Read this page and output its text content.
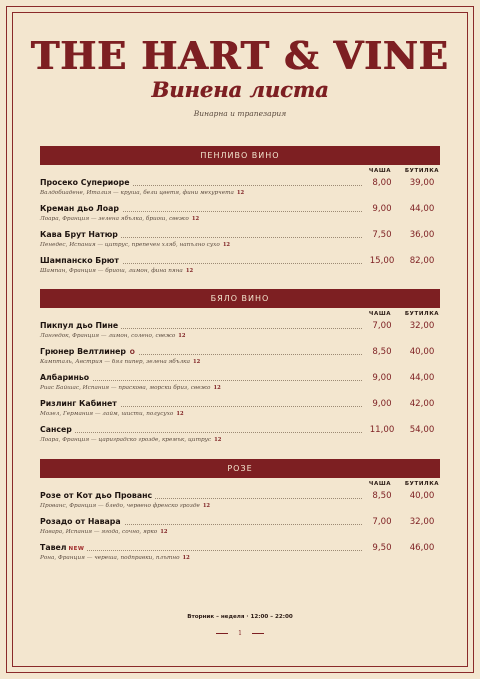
THE HART & VINE
Винена листа
Винарна и трапезария
ПЕНЛИВО ВИНО
ЧАША	БУТИЛКА
Просеко Супериоре	8,00	39,00
Валдобиадене, Италия — круша, бели цветя, фини мехурчета 12
Креман дьо Лоар	9,00	44,00
Лоара, Франция — зелена ябълка, бриош, свежо 12
Кава Брут Натюр	7,50	36,00
Пенедес, Испания — цитрус, препечен хляб, напълно сухо 12
Шампанско Брют	15,00	82,00
Шампан, Франция — бриош, лимон, фина пяна 12
БЯЛО ВИНО
ЧАША	БУТИЛКА
Пикпул дьо Пине	7,00	32,00
Лангедок, Франция — лимон, солено, свежо 12
Грюнер Велтлинер O	8,50	40,00
Кампталь, Австрия — бял пипер, зелена ябълка 12
Албариньо	9,00	44,00
Риас Байшас, Испания — праскова, морски бриз, свежо 12
Ризлинг Кабинет	9,00	42,00
Мозел, Германия — лайм, шисти, полусухо 12
Сансер	11,00	54,00
Лоара, Франция — цариградско грозде, кремък, цитрус 12
РОЗЕ
ЧАША	БУТИЛКА
Розе от Кот дьо Прованс	8,50	40,00
Прованс, Франция — бледо, червено френско грозде 12
Розадо от Навара	7,00	32,00
Навара, Испания — ягода, сочно, ярко 12
Тавел NEW	9,50	46,00
Рона, Франция — череша, подправки, плътно 12
Вторник – неделя · 12:00 – 22:00
1
